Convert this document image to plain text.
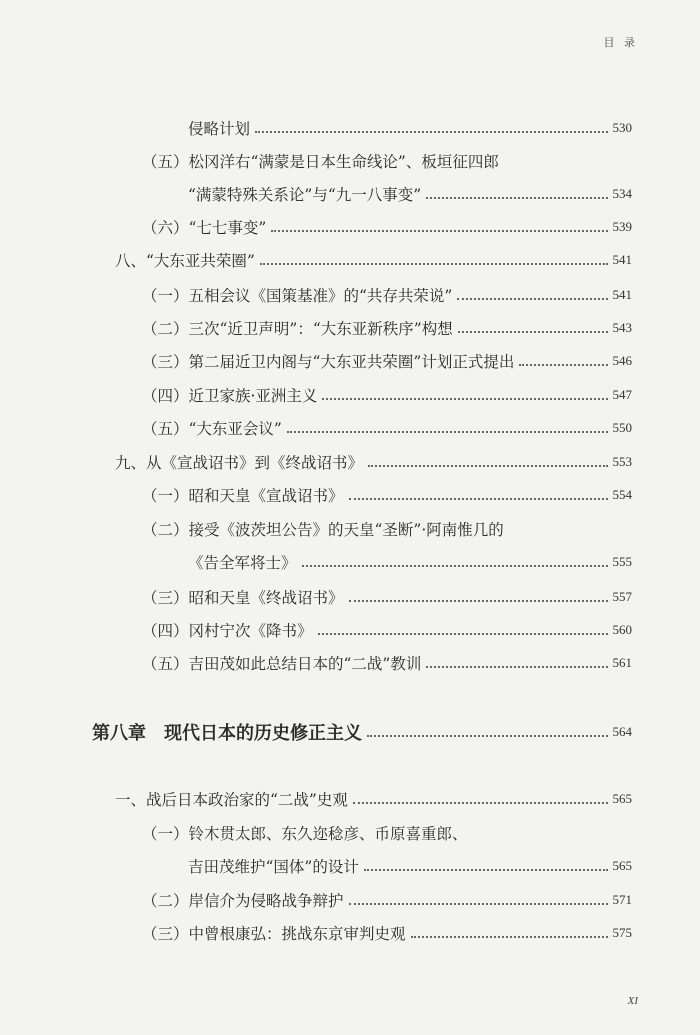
目 录
侵略计划	530
（五）松冈洋右“满蒙是日本生命线论”、板垣征四郎
“满蒙特殊关系论”与“九一八事变”	534
（六）“七七事变”	539
八、“大东亚共荣圈”	541
（一）五相会议《国策基准》的“共存共荣说”	541
（二）三次“近卫声明”：“大东亚新秩序”构想	543
（三）第二届近卫内阁与“大东亚共荣圈”计划正式提出	546
（四）近卫家族·亚洲主义	547
（五）“大东亚会议”	550
九、从《宣战诏书》到《终战诏书》	553
（一）昭和天皇《宣战诏书》	554
（二）接受《波茨坦公告》的天皇“圣断”·阿南惟几的
《告全军将士》	555
（三）昭和天皇《终战诏书》	557
（四）冈村宁次《降书》	560
（五）吉田茂如此总结日本的“二战”教训	561
第八章　现代日本的历史修正主义	564
一、战后日本政治家的“二战”史观	565
（一）铃木贯太郎、东久迩稔彦、币原喜重郎、
吉田茂维护“国体”的设计	565
（二）岸信介为侵略战争辩护	571
（三）中曾根康弘：挑战东京审判史观	575
XI
